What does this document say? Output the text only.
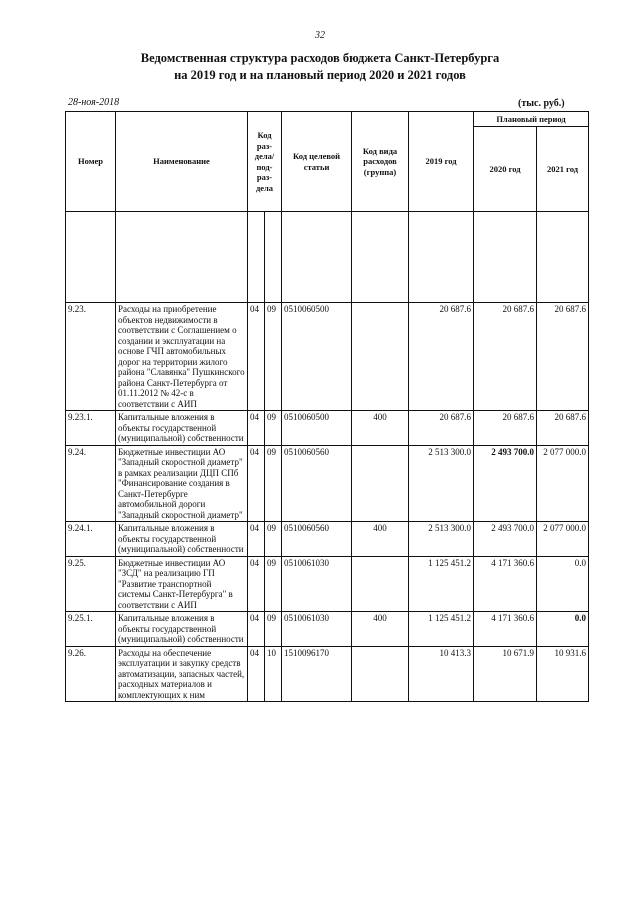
32
Ведомственная структура расходов бюджета Санкт-Петербурга
на 2019 год и на плановый период 2020 и 2021 годов
28-ноя-2018	(тыс. руб.)
Номер	Наименование	Код раз- дела/ под- раз- дела		Код целевой статьи	Код вида расходов (группа)	2019 год	Плановый период	
							2020 год	2021 год

9.23.	Расходы на приобретение объектов недвижимости в соответствии с Соглашением о создании и эксплуатации на основе ГЧП автомобильных дорог на территории жилого района "Славянка" Пушкинского района Санкт-Петербурга от 01.11.2012 № 42-с в соответствии с АИП	04	09	0510060500		20 687.6	20 687.6	20 687.6
9.23.1.	Капитальные вложения в объекты государственной (муниципальной) собственности	04	09	0510060500	400	20 687.6	20 687.6	20 687.6
9.24.	Бюджетные инвестиции АО "Западный скоростной диаметр" в рамках реализации ДЦП СПб "Финансирование создания в Санкт-Петербурге автомобильной дороги "Западный скоростной диаметр"	04	09	0510060560		2 513 300.0	2 493 700.0	2 077 000.0
9.24.1.	Капитальные вложения в объекты государственной (муниципальной) собственности	04	09	0510060560	400	2 513 300.0	2 493 700.0	2 077 000.0
9.25.	Бюджетные инвестиции АО "ЗСД" на реализацию ГП "Развитие транспортной системы Санкт-Петербурга" в соответствии с АИП	04	09	0510061030		1 125 451.2	4 171 360.6	0.0
9.25.1.	Капитальные вложения в объекты государственной (муниципальной) собственности	04	09	0510061030	400	1 125 451.2	4 171 360.6	0.0
9.26.	Расходы на обеспечение эксплуатации и закупку средств автоматизации, запасных частей, расходных материалов и комплектующих к ним	04	10	1510096170		10 413.3	10 671.9	10 931.6
